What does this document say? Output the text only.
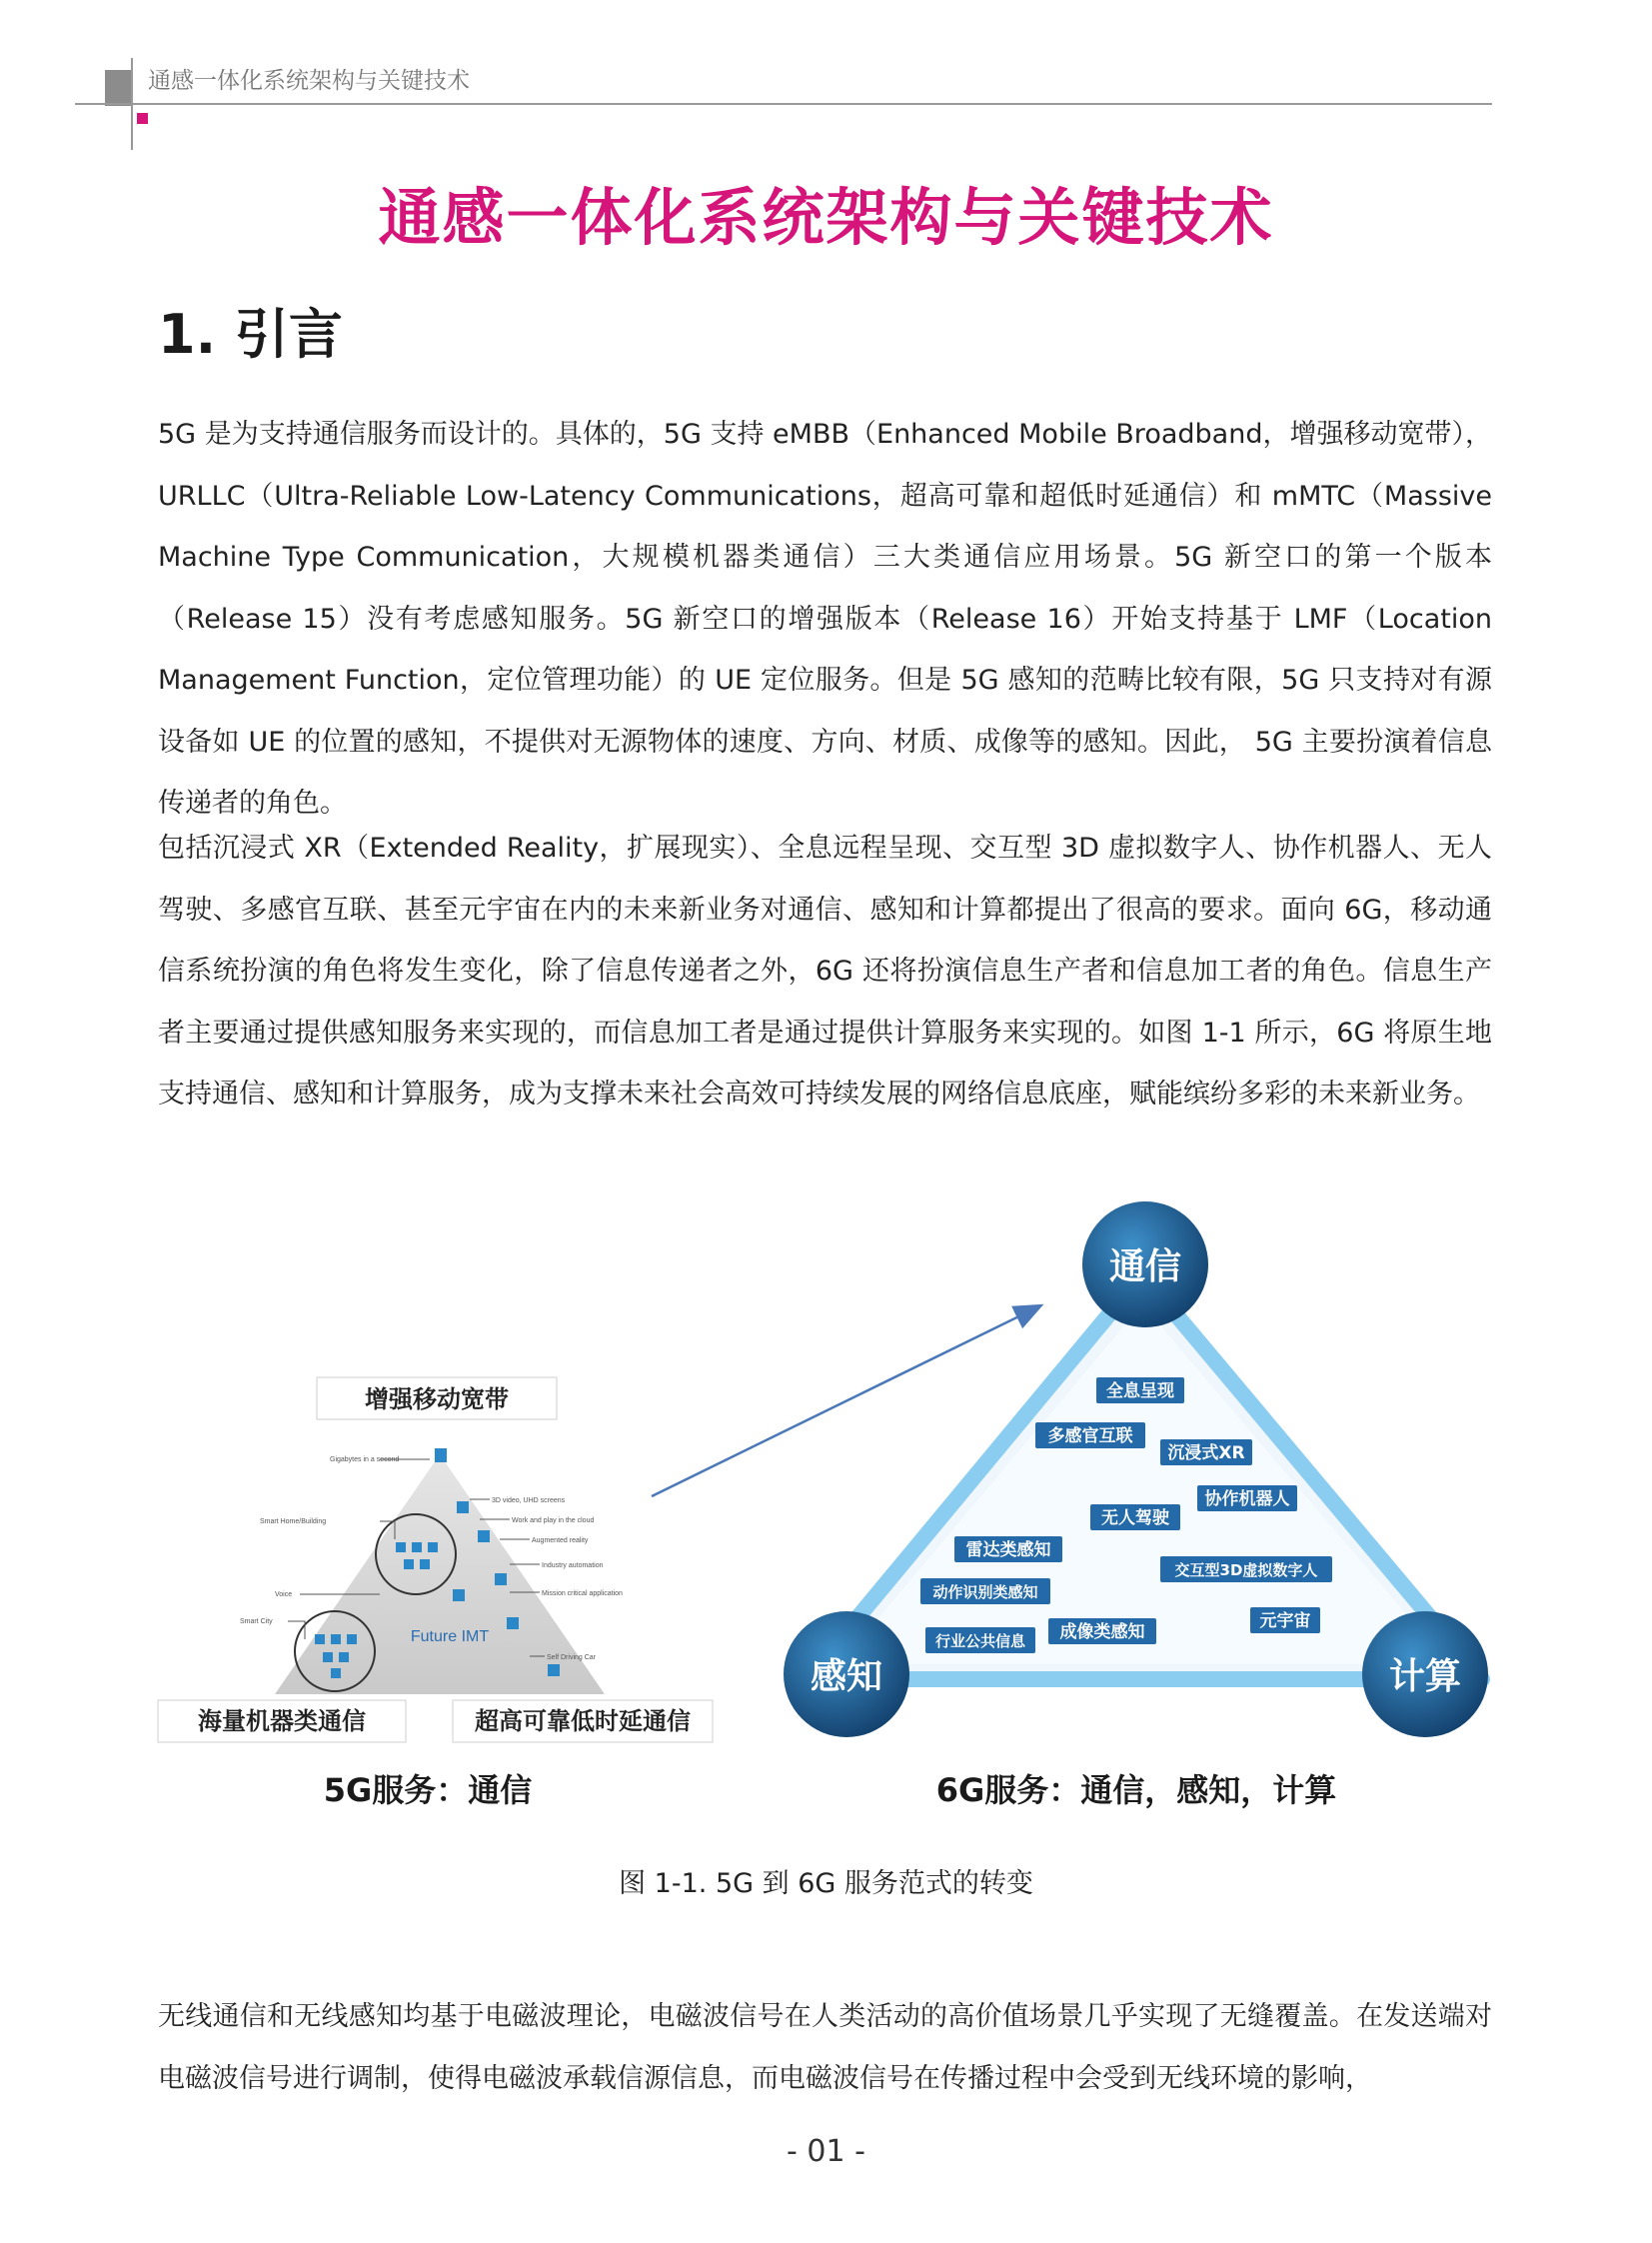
通感一体化系统架构与关键技术
通感一体化系统架构与关键技术
1. 引言
5G 是为支持通信服务而设计的。具体的，5G 支持 eMBB（Enhanced Mobile Broadband，增强移动宽带），URLLC（Ultra-Reliable Low-Latency Communications，超高可靠和超低时延通信）和 mMTC（Massive Machine Type Communication，大规模机器类通信）三大类通信应用场景。5G 新空口的第一个版本（Release 15）没有考虑感知服务。5G 新空口的增强版本（Release 16）开始支持基于 LMF（Location Management Function，定位管理功能）的 UE 定位服务。但是 5G 感知的范畴比较有限，5G 只支持对有源设备如 UE 的位置的感知，不提供对无源物体的速度、方向、材质、成像等的感知。因此， 5G 主要扮演着信息传递者的角色。
包括沉浸式 XR（Extended Reality，扩展现实）、全息远程呈现、交互型 3D 虚拟数字人、协作机器人、无人驾驶、多感官互联、甚至元宇宙在内的未来新业务对通信、感知和计算都提出了很高的要求。面向 6G，移动通信系统扮演的角色将发生变化，除了信息传递者之外，6G 还将扮演信息生产者和信息加工者的角色。信息生产者主要通过提供感知服务来实现的，而信息加工者是通过提供计算服务来实现的。如图 1-1 所示，6G 将原生地支持通信、感知和计算服务，成为支撑未来社会高效可持续发展的网络信息底座，赋能缤纷多彩的未来新业务。
增强移动宽带
Future IMT
Gigabytes in a second
3D video, UHD screens
Work and play in the cloud
Smart Home/Building
Augmented reality
Industry automation
Voice	Mission critical application
Smart City
Self Driving Car
海量机器类通信	超高可靠低时延通信
5G服务：通信
全息呈现
多感官互联
沉浸式XR
协作机器人
无人驾驶
雷达类感知
交互型3D虚拟数字人
动作识别类感知
元宇宙
成像类感知
行业公共信息
通信
感知	计算
6G服务：通信，感知，计算
图 1-1. 5G 到 6G 服务范式的转变
无线通信和无线感知均基于电磁波理论，电磁波信号在人类活动的高价值场景几乎实现了无缝覆盖。在发送端对电磁波信号进行调制，使得电磁波承载信源信息，而电磁波信号在传播过程中会受到无线环境的影响，
- 01 -
